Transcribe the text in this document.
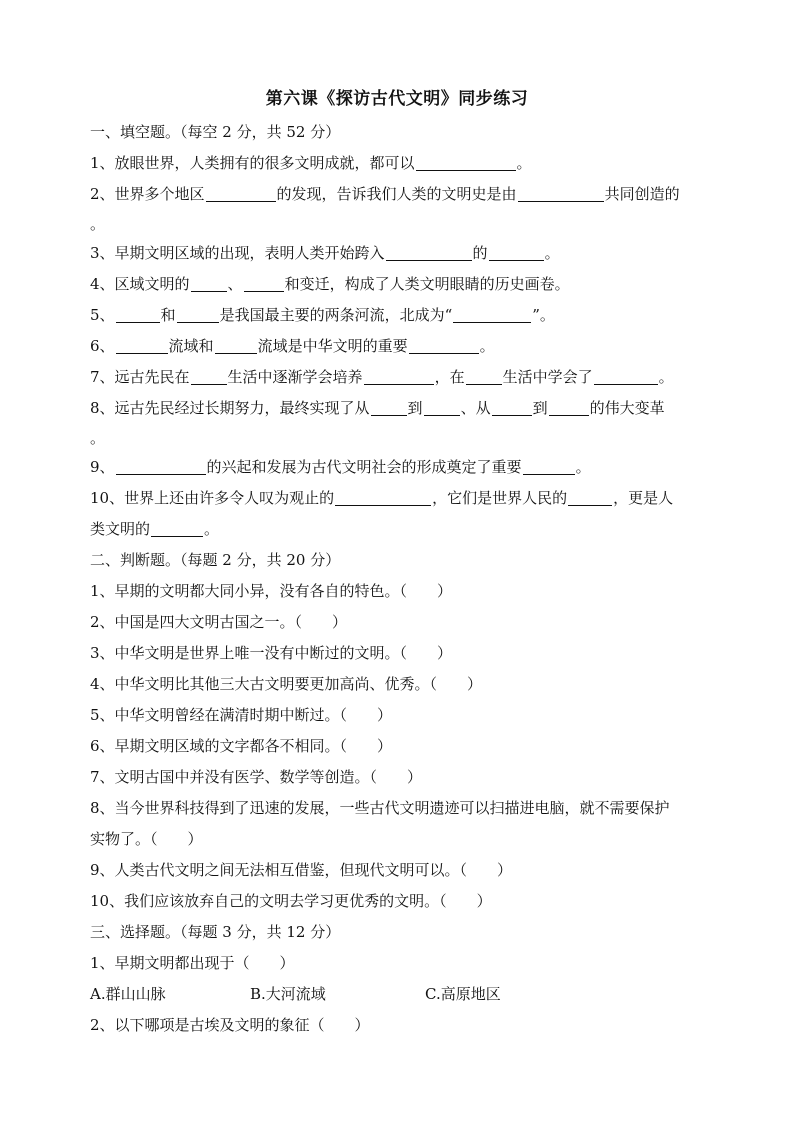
第六课《探访古代文明》同步练习
一、填空题。（每空 2 分，共 52 分）
1、放眼世界，人类拥有的很多文明成就，都可以	。
2、世界多个地区	的发现，告诉我们人类的文明史是由	共同创造的
。
3、早期文明区域的出现，表明人类开始跨入	的	。
4、区域文明的	、	和变迁，构成了人类文明眼睛的历史画卷。
5、	和	是我国最主要的两条河流，北成为“	”。
6、	流域和	流域是中华文明的重要	。
7、远古先民在	生活中逐渐学会培养	，在	生活中学会了	。
8、远古先民经过长期努力，最终实现了从	到	、从	到	的伟大变革
。
9、	的兴起和发展为古代文明社会的形成奠定了重要	。
10、世界上还由许多令人叹为观止的	，它们是世界人民的	，更是人
类文明的	。
二、判断题。（每题 2 分，共 20 分）
1、早期的文明都大同小异，没有各自的特色。（　　）
2、中国是四大文明古国之一。（　　）
3、中华文明是世界上唯一没有中断过的文明。（　　）
4、中华文明比其他三大古文明要更加高尚、优秀。（　　）
5、中华文明曾经在满清时期中断过。（　　）
6、早期文明区域的文字都各不相同。（　　）
7、文明古国中并没有医学、数学等创造。（　　）
8、当今世界科技得到了迅速的发展，一些古代文明遗迹可以扫描进电脑，就不需要保护
实物了。（　　）
9、人类古代文明之间无法相互借鉴，但现代文明可以。（　　）
10、我们应该放弃自己的文明去学习更优秀的文明。（　　）
三、选择题。（每题 3 分，共 12 分）
1、早期文明都出现于（　　）
A.群山山脉	B.大河流域	C.高原地区
2、以下哪项是古埃及文明的象征（　　）
